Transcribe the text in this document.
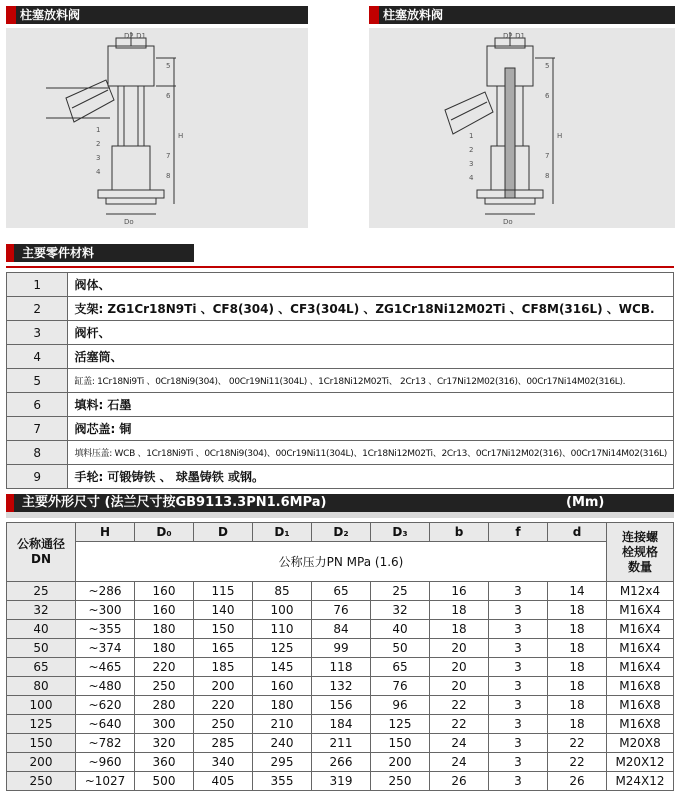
柱塞放料阀
D2 D1
H
Do
1
2
3
4
5
6
7
8
柱塞放料阀
D2 D1
H
Do
1
2
3
4
5
6
7
8
主要零件材料
1	阀体、
2	支架: ZG1Cr18N9Ti 、CF8(304) 、CF3(304L) 、ZG1Cr18Ni12M02Ti 、CF8M(316L) 、WCB.
3	阀杆、
4	活塞筒、
5	缸盖: 1Cr18Ni9Ti 、0Cr18Ni9(304)、 00Cr19Ni11(304L) 、1Cr18Ni12M02Ti、 2Cr13 、Cr17Ni12M02(316)、00Cr17Ni14M02(316L).
6	填料: 石墨
7	阀芯盖: 铜
8	填料压盖: WCB 、1Cr18Ni9Ti 、0Cr18Ni9(304)、00Cr19Ni11(304L)、1Cr18Ni12M02Ti、2Cr13、0Cr17Ni12M02(316)、00Cr17Ni14M02(316L)
9	手轮: 可锻铸铁 、 球墨铸铁 或钢。
主要外形尺寸 (法兰尺寸按GB9113.3PN1.6MPa)	(Mm)
公称通径DN	H	D₀	D	D₁	D₂	D₃	b	f	d	连接螺栓规格数量
	公称压力PN MPa (1.6)									
25	~286	160	115	85	65	25	16	3	14	M12x4
32	~300	160	140	100	76	32	18	3	18	M16X4
40	~355	180	150	110	84	40	18	3	18	M16X4
50	~374	180	165	125	99	50	20	3	18	M16X4
65	~465	220	185	145	118	65	20	3	18	M16X4
80	~480	250	200	160	132	76	20	3	18	M16X8
100	~620	280	220	180	156	96	22	3	18	M16X8
125	~640	300	250	210	184	125	22	3	18	M16X8
150	~782	320	285	240	211	150	24	3	22	M20X8
200	~960	360	340	295	266	200	24	3	22	M20X12
250	~1027	500	405	355	319	250	26	3	26	M24X12
